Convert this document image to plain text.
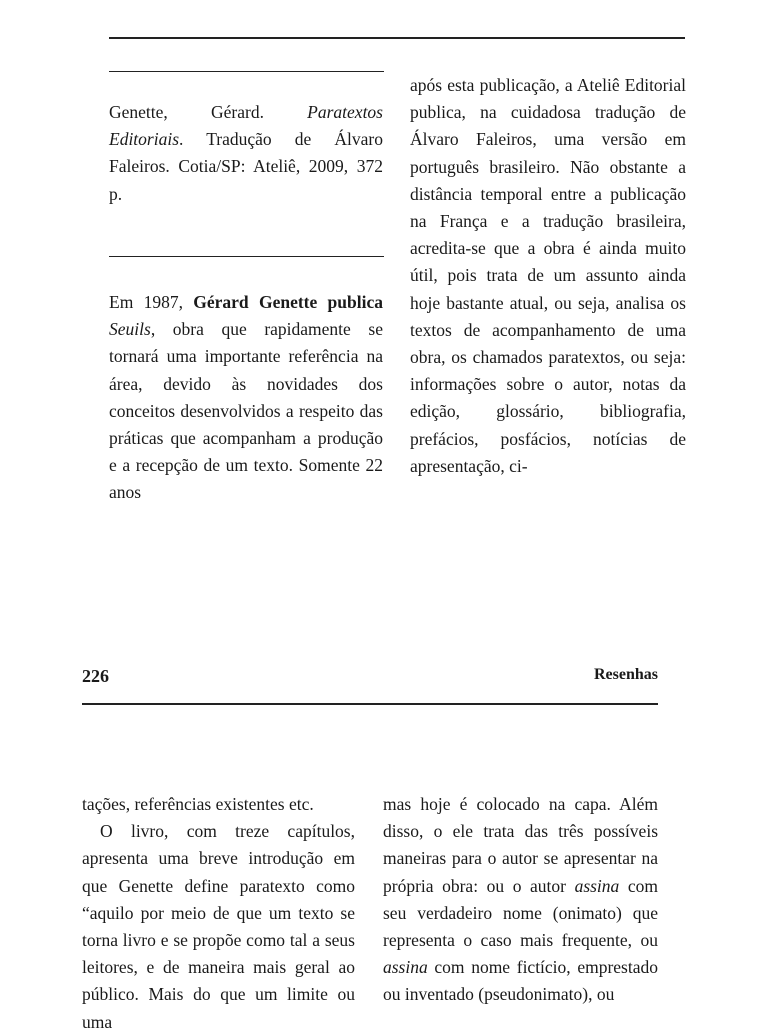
Genette, Gérard. Paratextos Editoriais. Tradução de Álvaro Faleiros. Cotia/SP: Ateliê, 2009, 372 p.

Em 1987, Gérard Genette publica Seuils, obra que rapidamente se tornará uma importante referência na área, devido às novidades dos conceitos desenvolvidos a respeito das práticas que acompanham a produção e a recepção de um texto. Somente 22 anos

após esta publicação, a Ateliê Editorial publica, na cuidadosa tradução de Álvaro Faleiros, uma versão em português brasileiro. Não obstante a distância temporal entre a publicação na França e a tradução brasileira, acredita-se que a obra é ainda muito útil, pois trata de um assunto ainda hoje bastante atual, ou seja, analisa os textos de acompanhamento de uma obra, os chamados paratextos, ou seja: informações sobre o autor, notas da edição, glossário, bibliografia, prefácios, posfácios, notícias de apresentação, ci-

226	Resenhas

tações, referências existentes etc.

O livro, com treze capítulos, apresenta uma breve introdução em que Genette define paratexto como “aquilo por meio de que um texto se torna livro e se propõe como tal a seus leitores, e de maneira mais geral ao público. Mais do que um limite ou uma

mas hoje é colocado na capa. Além disso, o ele trata das três possíveis maneiras para o autor se apresentar na própria obra: ou o autor assina com seu verdadeiro nome (onimato) que representa o caso mais frequente, ou assina com nome fictício, emprestado ou inventado (pseudonimato), ou
